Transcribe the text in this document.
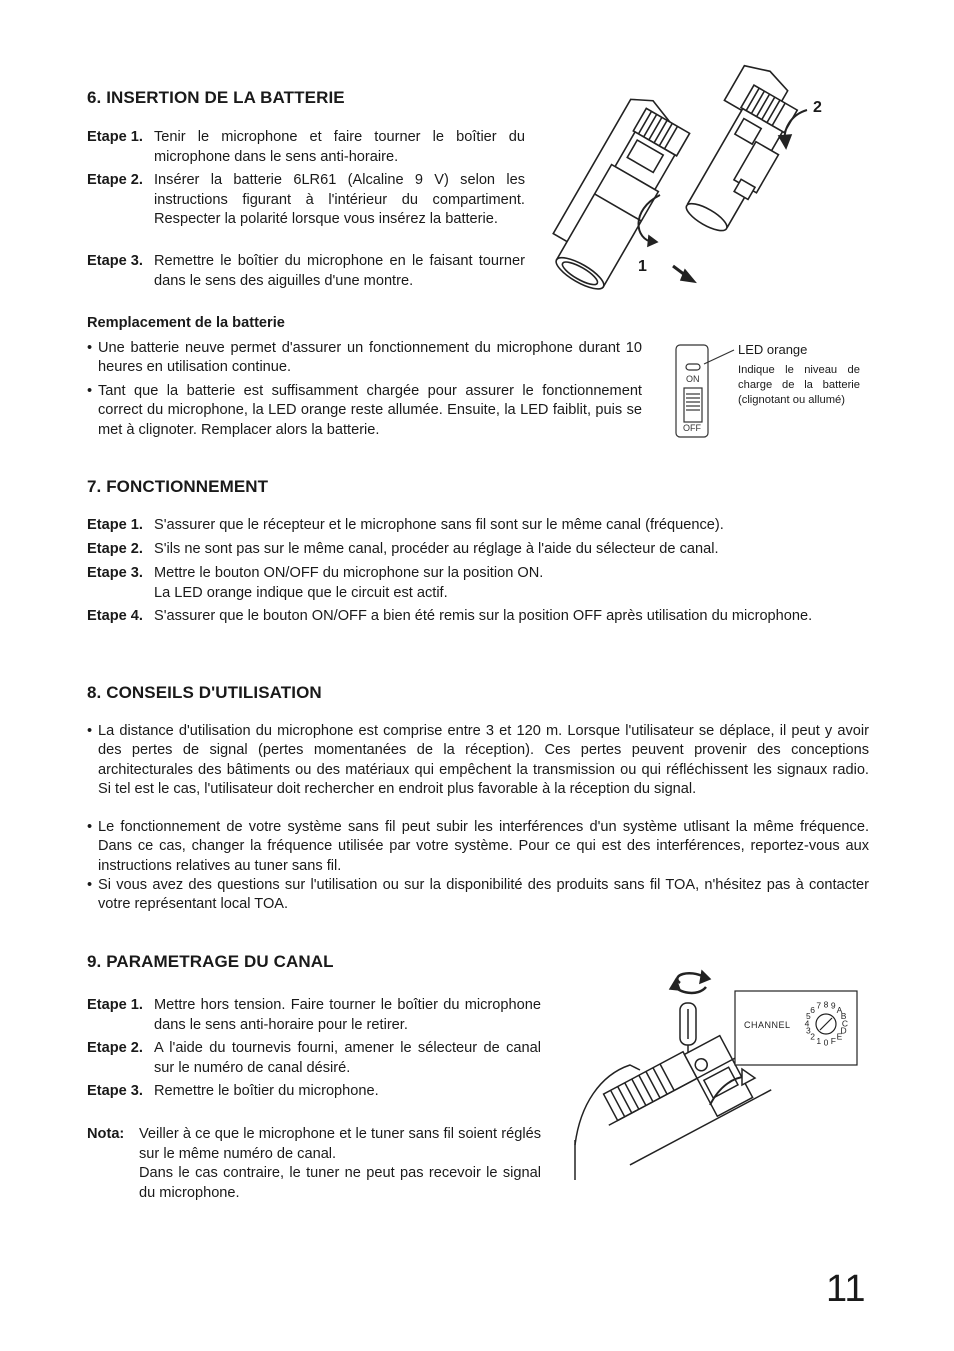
6. INSERTION DE LA BATTERIE
Etape 1. Tenir le microphone et faire tourner le boîtier du microphone dans le sens anti-horaire.
Etape 2. Insérer la batterie 6LR61 (Alcaline 9 V) selon les instructions figurant à l'intérieur du compartiment. Respecter la polarité lorsque vous insérez la batterie.
Etape 3. Remettre le boîtier du microphone en le faisant tourner dans le sens des aiguilles d'une montre.
1
2
Remplacement de la batterie
• Une batterie neuve permet d'assurer un fonctionnement du microphone durant 10 heures en utilisation continue.
• Tant que la batterie est suffisamment chargée pour assurer le fonctionnement correct du microphone, la LED orange reste allumée. Ensuite, la LED faiblit, puis se met à clignoter. Remplacer alors la batterie.
ON
OFF
LED orange
Indique le niveau de charge de la batterie (clignotant ou allumé)
7. FONCTIONNEMENT
Etape 1. S'assurer que le récepteur et le microphone sans fil sont sur le même canal (fréquence).
Etape 2. S'ils ne sont pas sur le même canal, procéder au réglage à l'aide du sélecteur de canal.
Etape 3. Mettre le bouton ON/OFF du microphone sur la position ON.
La LED orange indique que le circuit est actif.
Etape 4. S'assurer que le bouton ON/OFF a bien été remis sur la position OFF après utilisation du microphone.
8. CONSEILS D'UTILISATION
• La distance d'utilisation du microphone est comprise entre 3 et 120 m. Lorsque l'utilisateur se déplace, il peut y avoir des pertes de signal (pertes momentanées de la réception). Ces pertes peuvent provenir des conceptions architecturales des bâtiments ou des matériaux qui empêchent la transmission ou qui réfléchissent les signaux radio. Si tel est le cas, l'utilisateur doit rechercher en endroit plus favorable à la réception du signal.
• Le fonctionnement de votre système sans fil peut subir les interférences d'un système utlisant la même fréquence. Dans ce cas, changer la fréquence utilisée par votre système. Pour ce qui est des interférences, reportez-vous aux instructions relatives au tuner sans fil.
• Si vous avez des questions sur l'utilisation ou sur la disponibilité des produits sans fil TOA, n'hésitez pas à contacter votre représentant local TOA.
9. PARAMETRAGE DU CANAL
Etape 1. Mettre hors tension. Faire tourner le boîtier du microphone dans le sens anti-horaire pour le retirer.
Etape 2. A l'aide du tournevis fourni, amener le sélecteur de canal sur le numéro de canal désiré.
Etape 3. Remettre le boîtier du microphone.
Nota: Veiller à ce que le microphone et le tuner sans fil soient réglés sur le même numéro de canal.
Dans le cas contraire, le tuner ne peut pas recevoir le signal du microphone.
0
1
2
3
4
5
6 7 8 9 A
B
C
D
E
F
CHANNEL
11
